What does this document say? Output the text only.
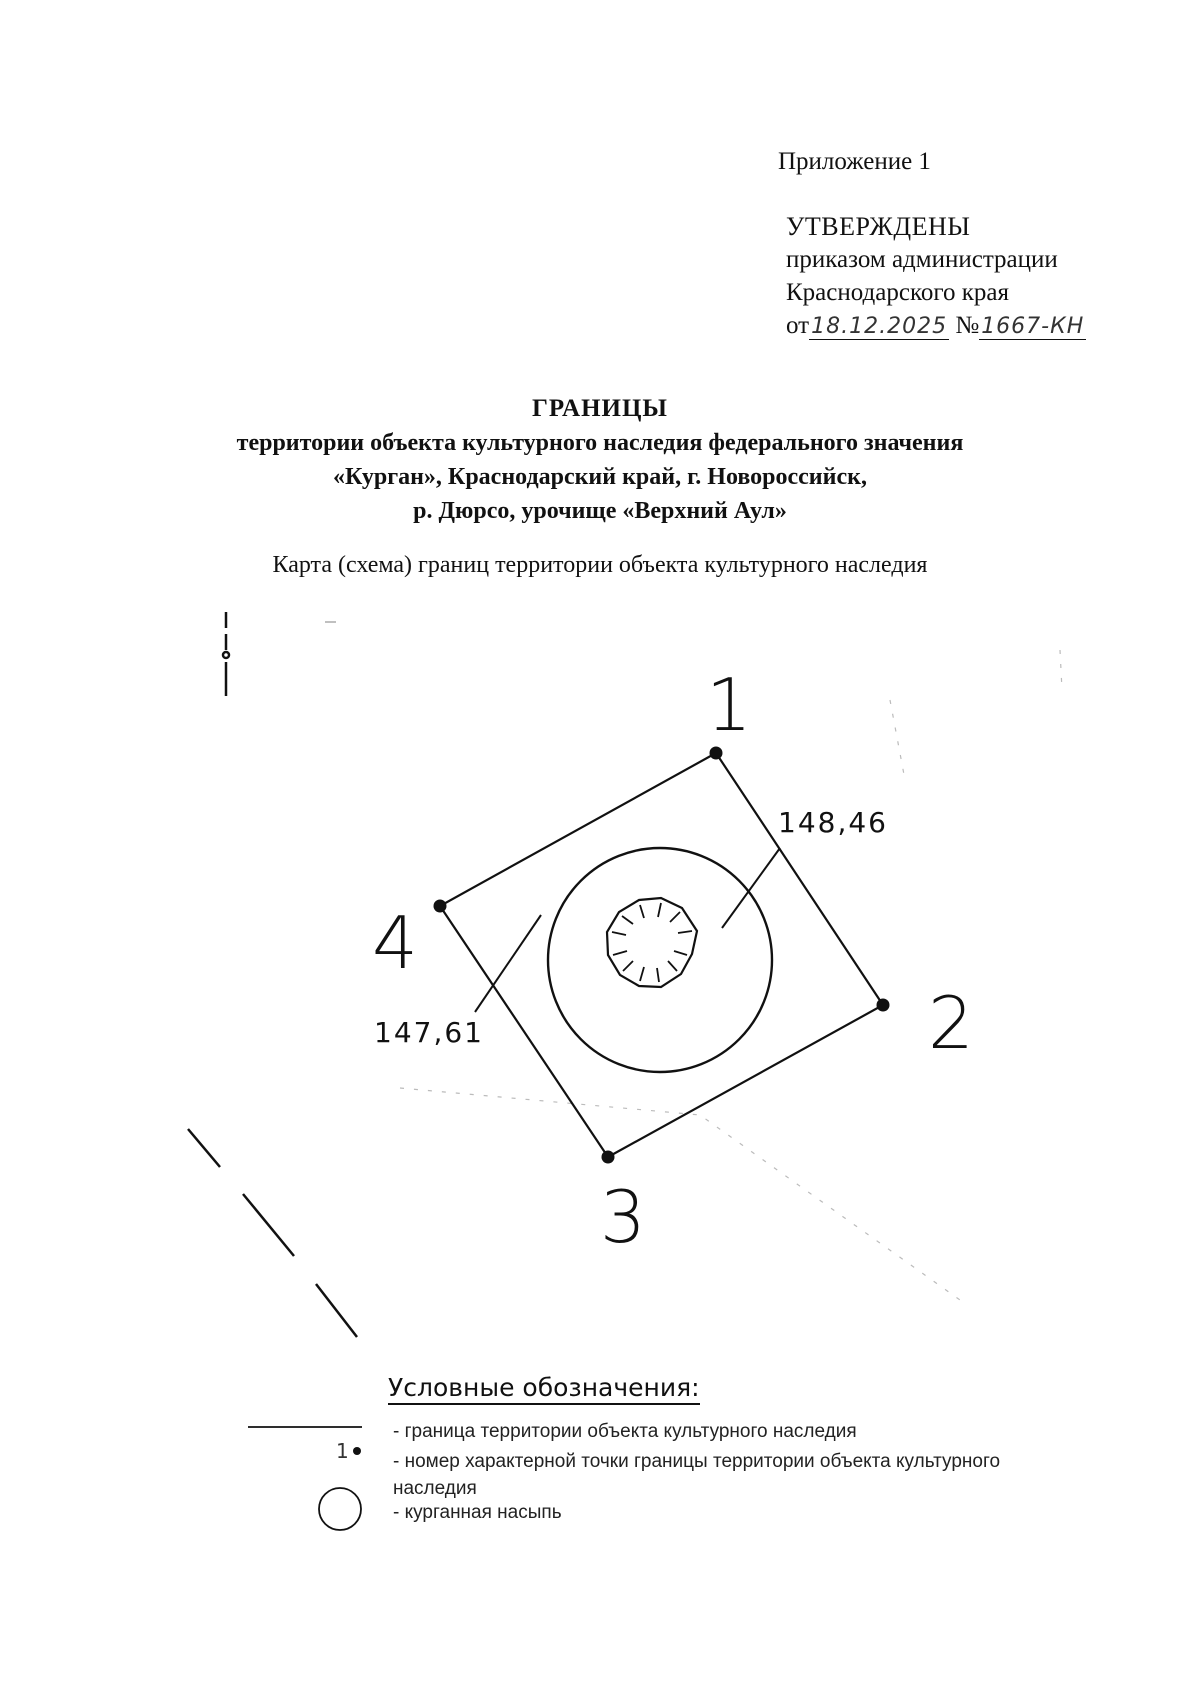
Приложение 1
УТВЕРЖДЕНЫ
приказом администрации
Краснодарского края
от18.12.2025 №1667-КН
ГРАНИЦЫ
территории объекта культурного наследия федерального значения
«Курган», Краснодарский край, г. Новороссийск,
р. Дюрсо, урочище «Верхний Аул»
Карта (схема) границ территории объекта культурного наследия
148,46
147,61
1
2
3
4
1
Условные обозначения:
- граница территории объекта культурного наследия
- номер характерной точки границы территории объекта культурного наследия
- курганная насыпь
